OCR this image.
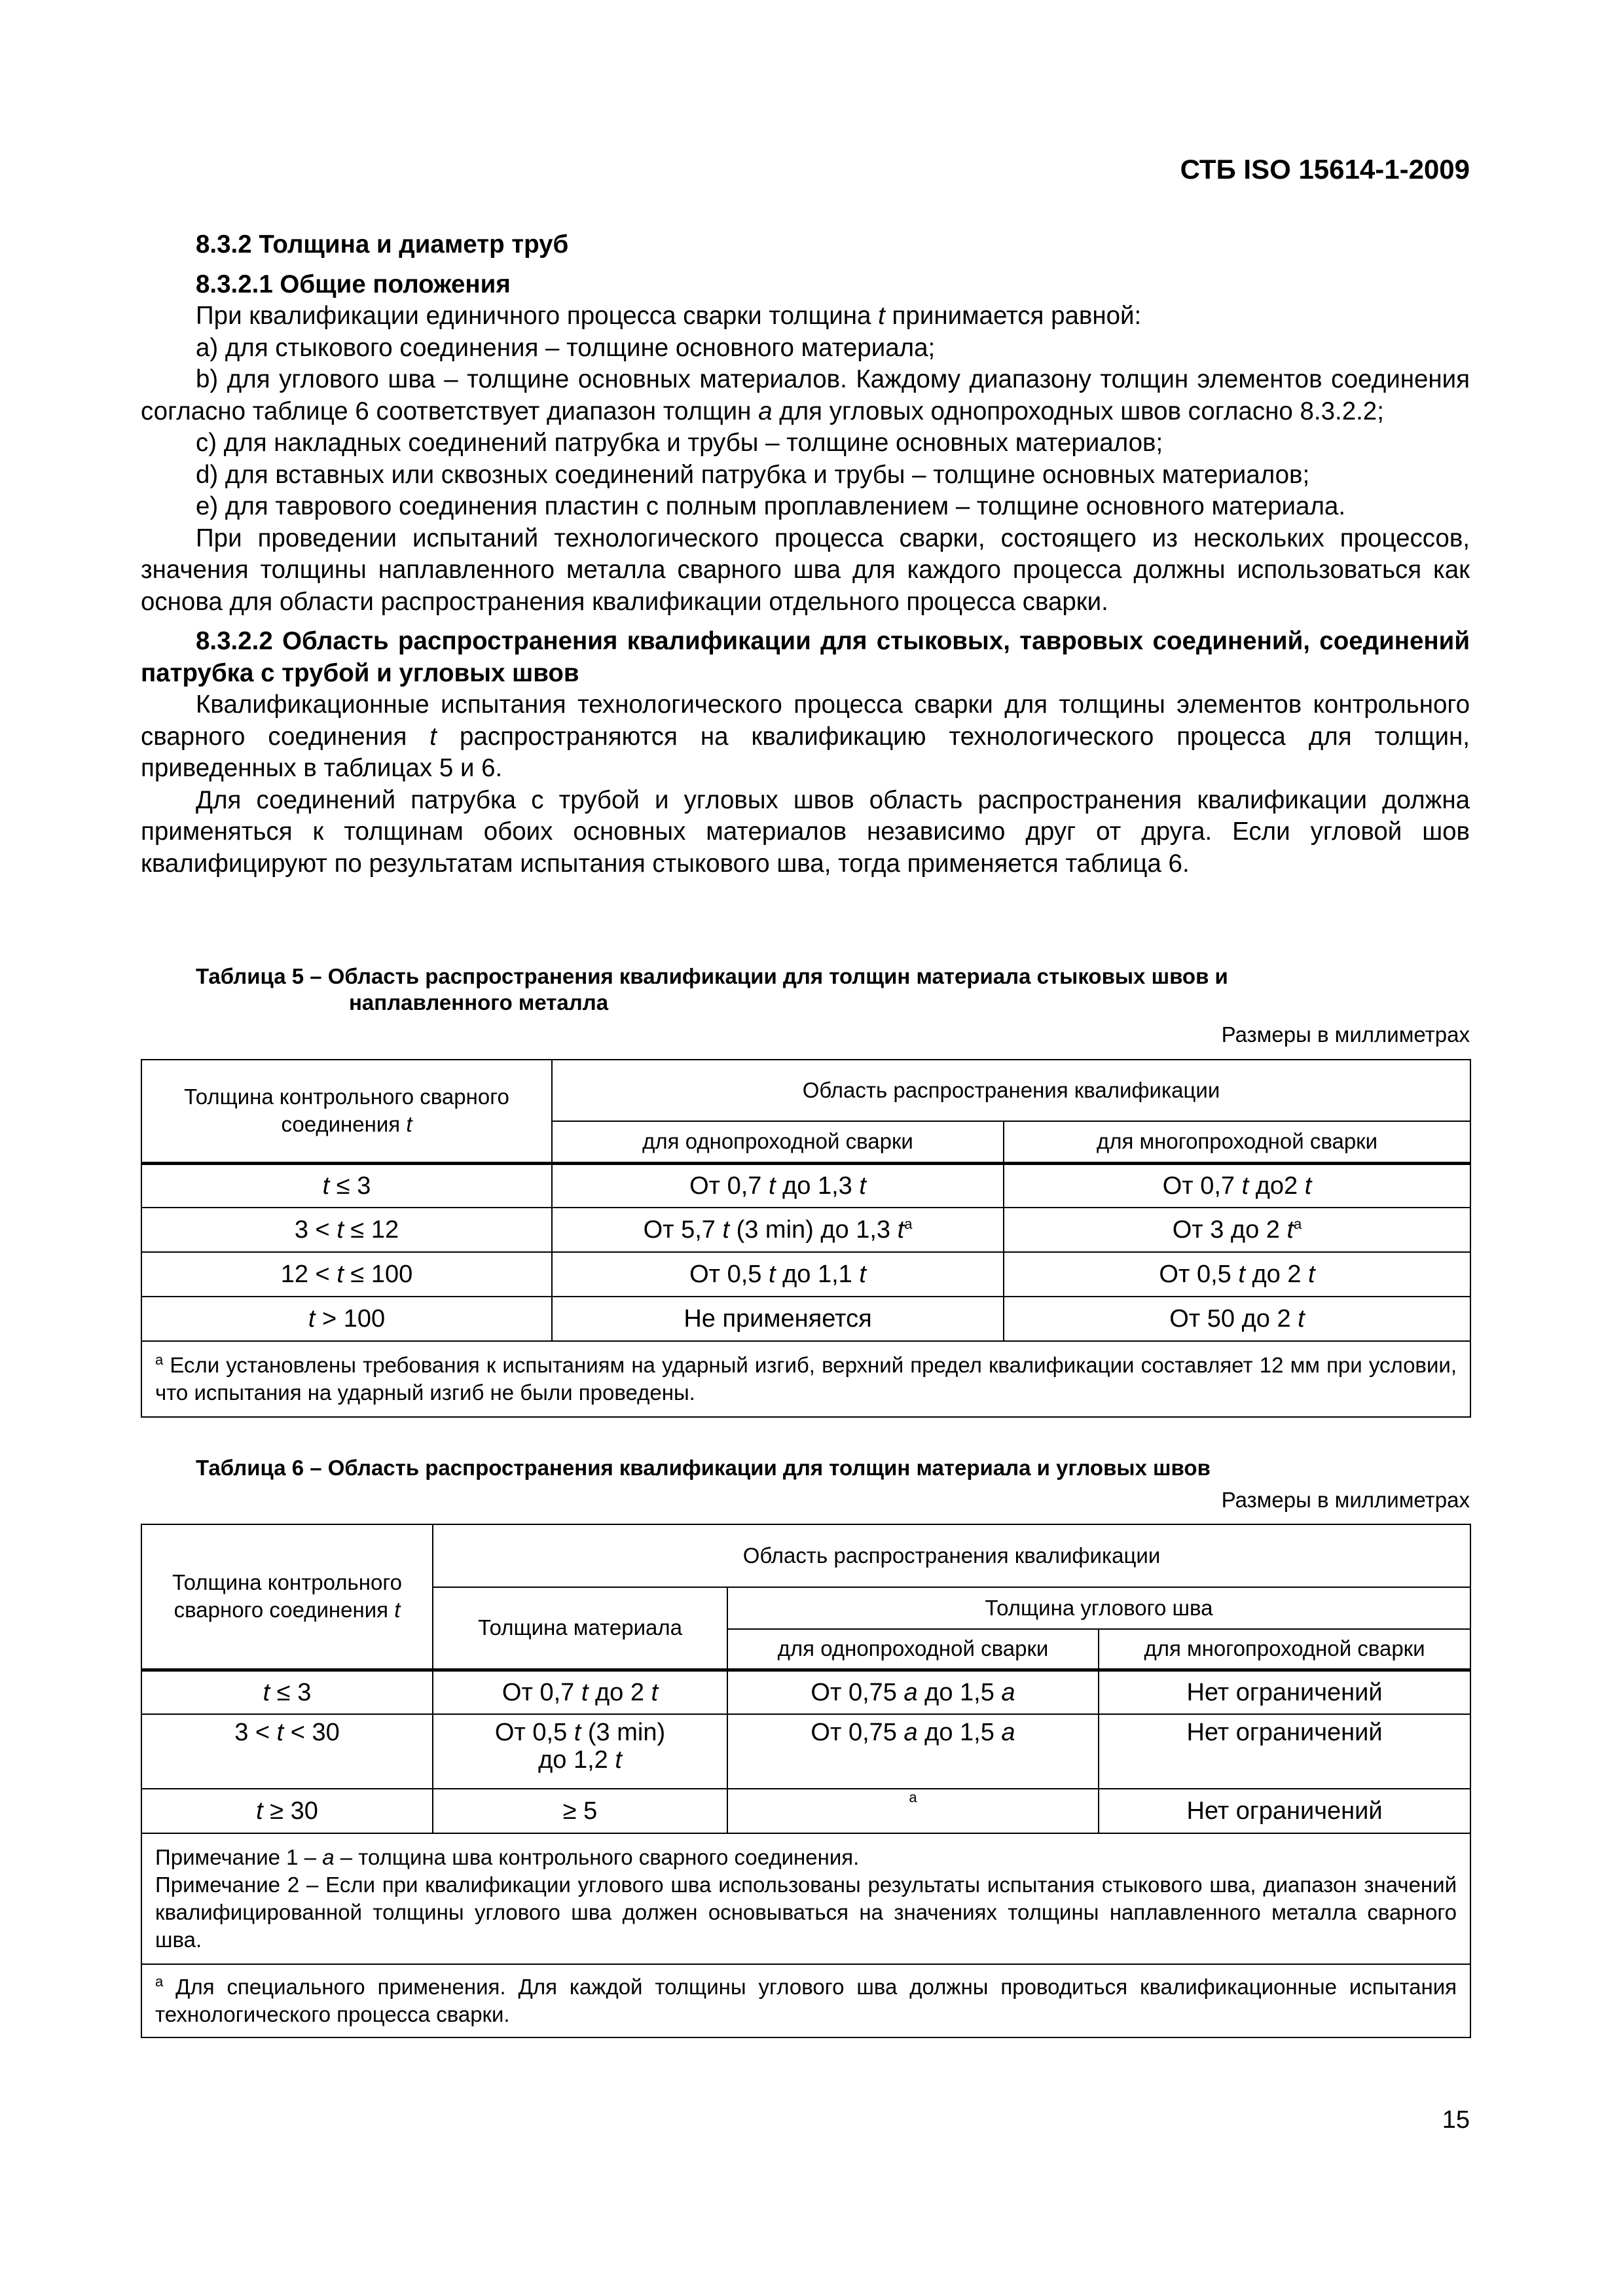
СТБ ISO 15614-1-2009

8.3.2 Толщина и диаметр труб

8.3.2.1 Общие положения

При квалификации единичного процесса сварки толщина t принимается равной:

a) для стыкового соединения – толщине основного материала;

b) для углового шва – толщине основных материалов. Каждому диапазону толщин элементов соединения согласно таблице 6 соответствует диапазон толщин a для угловых однопроходных швов согласно 8.3.2.2;

c) для накладных соединений патрубка и трубы – толщине основных материалов;

d) для вставных или сквозных соединений патрубка и трубы – толщине основных материалов;

e) для таврового соединения пластин с полным проплавлением – толщине основного материала.

При проведении испытаний технологического процесса сварки, состоящего из нескольких процессов, значения толщины наплавленного металла сварного шва для каждого процесса должны использоваться как основа для области распространения квалификации отдельного процесса сварки.

8.3.2.2 Область распространения квалификации для стыковых, тавровых соединений, соединений патрубка с трубой и угловых швов

Квалификационные испытания технологического процесса сварки для толщины элементов контрольного сварного соединения t распространяются на квалификацию технологического процесса для толщин, приведенных в таблицах 5 и 6.

Для соединений патрубка с трубой и угловых швов область распространения квалификации должна применяться к толщинам обоих основных материалов независимо друг от друга. Если угловой шов квалифицируют по результатам испытания стыкового шва, тогда применяется таблица 6.

Таблица 5 – Область распространения квалификации для толщин материала стыковых швов и
наплавленного металла
Размеры в миллиметрах
Толщина контрольного сварного соединения t	Область распространения квалификации	
	для однопроходной сварки	для многопроходной сварки
t ≤ 3	От 0,7 t до 1,3 t	От 0,7 t до2 t
3 < t ≤ 12	От 5,7 t (3 min) до 1,3 $t^a$	От 3 до 2 $t^a$
12 < t ≤ 100	От 0,5 t до 1,1 t	От 0,5 t до 2 t
t > 100	Не применяется	От 50 до 2 t
$^a$ Если установлены требования к испытаниям на ударный изгиб, верхний предел квалификации составляет 12 мм при условии, что испытания на ударный изгиб не были проведены.		
Таблица 6 – Область распространения квалификации для толщин материала и угловых швов
Размеры в миллиметрах
Толщина контрольного сварного соединения t	Область распространения квалификации		
	Толщина материала	Толщина углового шва	
		для однопроходной сварки	для многопроходной сварки
t ≤ 3	От 0,7 t до 2 t	От 0,75 a до 1,5 a	Нет ограничений
3 < t < 30	От 0,5 t (3 min)
до 1,2 t	От 0,75 a до 1,5 a	Нет ограничений
t ≥ 30	≥ 5	$^a$	Нет ограничений

Примечание 1 – a – толщина шва контрольного сварного соединения.
Примечание 2 – Если при квалификации углового шва использованы результаты испытания стыкового шва, диапазон значений квалифицированной толщины углового шва должен основываться на значениях толщины наплавленного металла сварного шва.			

$^a$ Для специального применения. Для каждой толщины углового шва должны проводиться квалификационные испытания технологического процесса сварки.			
15
